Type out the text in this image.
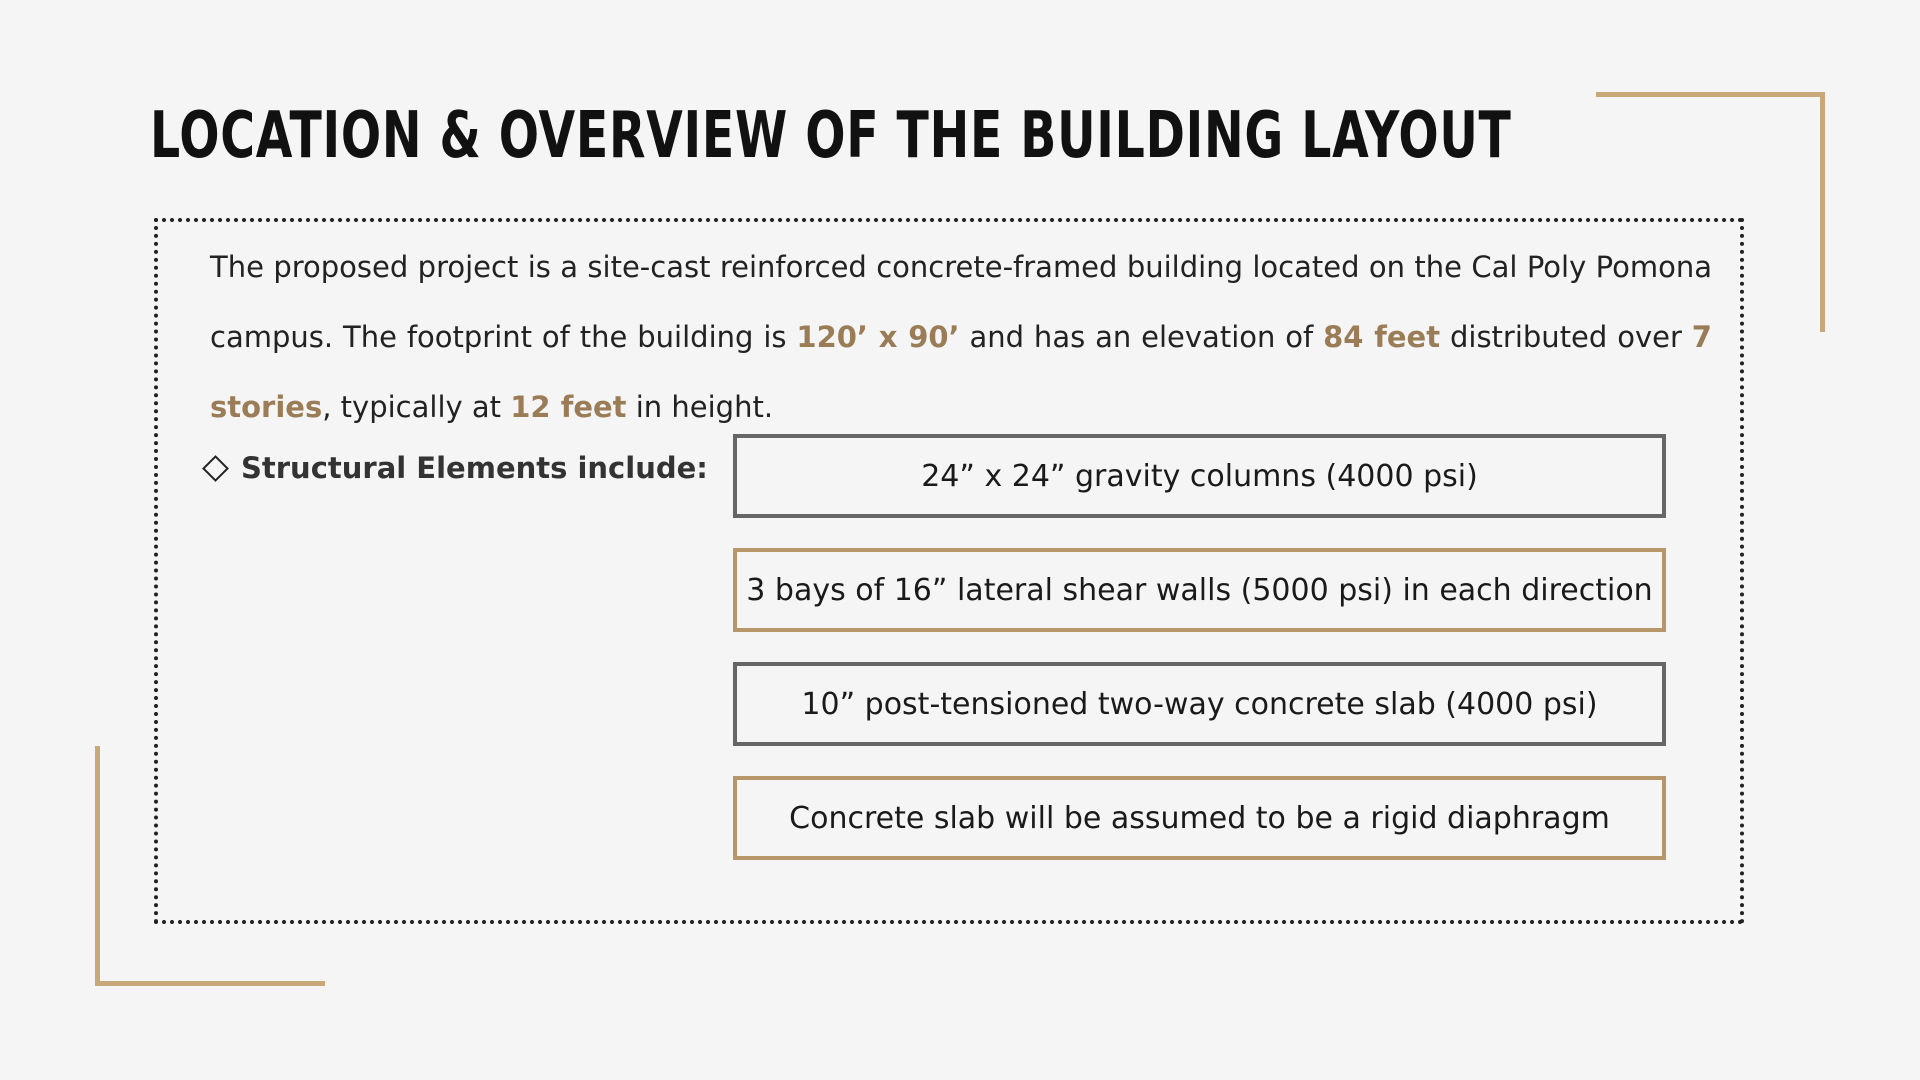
LOCATION & OVERVIEW OF THE BUILDING LAYOUT

The proposed project is a site-cast reinforced concrete-framed building located on the Cal Poly Pomona campus. The footprint of the building is 120’ x 90’ and has an elevation of 84 feet distributed over 7 stories, typically at 12 feet in height.

Structural Elements include:	24” x 24” gravity columns (4000 psi)
3 bays of 16” lateral shear walls (5000 psi) in each direction
10” post-tensioned two-way concrete slab (4000 psi)
Concrete slab will be assumed to be a rigid diaphragm
